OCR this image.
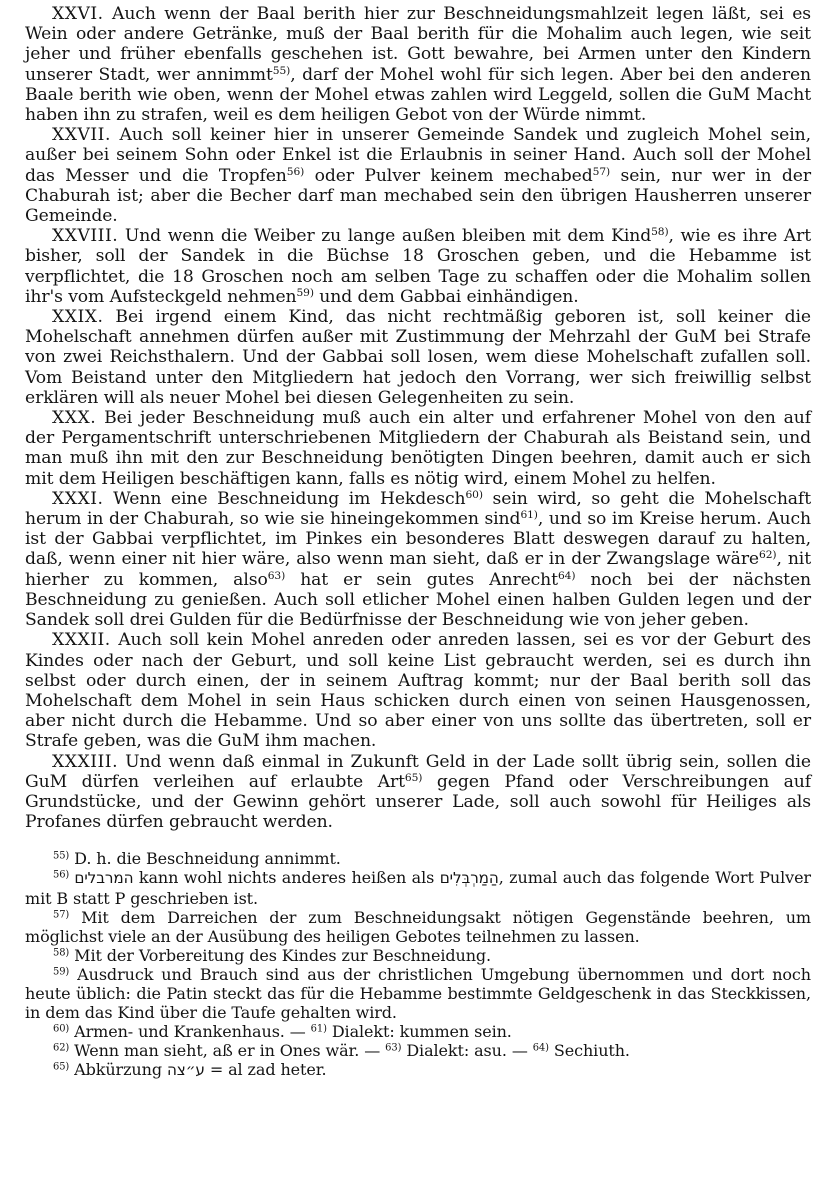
XXVI. Auch wenn der Baal berith hier zur Beschneidungsmahlzeit legen läßt, sei es Wein oder andere Getränke, muß der Baal berith für die Mohalim auch legen, wie seit jeher und früher ebenfalls geschehen ist. Gott bewahre, bei Armen unter den Kindern unserer Stadt, wer annimmt$^{55)}$, darf der Mohel wohl für sich legen. Aber bei den anderen Baale berith wie oben, wenn der Mohel etwas zahlen wird Leggeld, sollen die GuM Macht haben ihn zu strafen, weil es dem heiligen Gebot von der Würde nimmt.

XXVII. Auch soll keiner hier in unserer Gemeinde Sandek und zugleich Mohel sein, außer bei seinem Sohn oder Enkel ist die Erlaubnis in seiner Hand. Auch soll der Mohel das Messer und die Tropfen$^{56)}$ oder Pulver keinem mechabed$^{57)}$ sein, nur wer in der Chaburah ist; aber die Becher darf man mechabed sein den übrigen Hausherren unserer Gemeinde.

XXVIII. Und wenn die Weiber zu lange außen bleiben mit dem Kind$^{58)}$, wie es ihre Art bisher, soll der Sandek in die Büchse 18 Groschen geben, und die Hebamme ist verpflichtet, die 18 Groschen noch am selben Tage zu schaffen oder die Mohalim sollen ihr's vom Aufsteckgeld nehmen$^{59)}$ und dem Gabbai einhändigen.

XXIX. Bei irgend einem Kind, das nicht rechtmäßig geboren ist, soll keiner die Mohelschaft annehmen dürfen außer mit Zustimmung der Mehrzahl der GuM bei Strafe von zwei Reichsthalern. Und der Gabbai soll losen, wem diese Mohelschaft zufallen soll. Vom Beistand unter den Mitgliedern hat jedoch den Vorrang, wer sich freiwillig selbst erklären will als neuer Mohel bei diesen Gelegenheiten zu sein.

XXX. Bei jeder Beschneidung muß auch ein alter und erfahrener Mohel von den auf der Pergamentschrift unterschriebenen Mitgliedern der Chaburah als Beistand sein, und man muß ihn mit den zur Beschneidung benötigten Dingen beehren, damit auch er sich mit dem Heiligen beschäftigen kann, falls es nötig wird, einem Mohel zu helfen.

XXXI. Wenn eine Beschneidung im Hekdesch$^{60)}$ sein wird, so geht die Mohelschaft herum in der Chaburah, so wie sie hineingekommen sind$^{61)}$, und so im Kreise herum. Auch ist der Gabbai verpflichtet, im Pinkes ein besonderes Blatt deswegen darauf zu halten, daß, wenn einer nit hier wäre, also wenn man sieht, daß er in der Zwangslage wäre$^{62)}$, nit hierher zu kommen, also$^{63)}$ hat er sein gutes Anrecht$^{64)}$ noch bei der nächsten Beschneidung zu genießen. Auch soll etlicher Mohel einen halben Gulden legen und der Sandek soll drei Gulden für die Bedürfnisse der Beschneidung wie von jeher geben.

XXXII. Auch soll kein Mohel anreden oder anreden lassen, sei es vor der Geburt des Kindes oder nach der Geburt, und soll keine List gebraucht werden, sei es durch ihn selbst oder durch einen, der in seinem Auftrag kommt; nur der Baal berith soll das Mohelschaft dem Mohel in sein Haus schicken durch einen von seinen Hausgenossen, aber nicht durch die Hebamme. Und so aber einer von uns sollte das übertreten, soll er Strafe geben, was die GuM ihm machen.

XXXIII. Und wenn daß einmal in Zukunft Geld in der Lade sollt übrig sein, sollen die GuM dürfen verleihen auf erlaubte Art$^{65)}$ gegen Pfand oder Verschreibungen auf Grundstücke, und der Gewinn gehört unserer Lade, soll auch sowohl für Heiliges als Profanes dürfen gebraucht werden.

$^{55)}$ D. h. die Beschneidung annimmt.

$^{56)}$ המרבלים kann wohl nichts anderes heißen als הַמַרְבְּלִים, zumal auch das folgende Wort Pulver mit B statt P geschrieben ist.

$^{57)}$ Mit dem Darreichen der zum Beschneidungsakt nötigen Gegenstände beehren, um möglichst viele an der Ausübung des heiligen Gebotes teilnehmen zu lassen.

$^{58)}$ Mit der Vorbereitung des Kindes zur Beschneidung.

$^{59)}$ Ausdruck und Brauch sind aus der christlichen Umgebung übernommen und dort noch heute üblich: die Patin steckt das für die Hebamme bestimmte Geldgeschenk in das Steckkissen, in dem das Kind über die Taufe gehalten wird.

$^{60)}$ Armen- und Krankenhaus. — $^{61)}$ Dialekt: kummen sein.

$^{62)}$ Wenn man sieht, aß er in Ones wär. — $^{63)}$ Dialekt: asu. — $^{64)}$ Sechiuth.

$^{65)}$ Abkürzung ע״צה = al zad heter.
